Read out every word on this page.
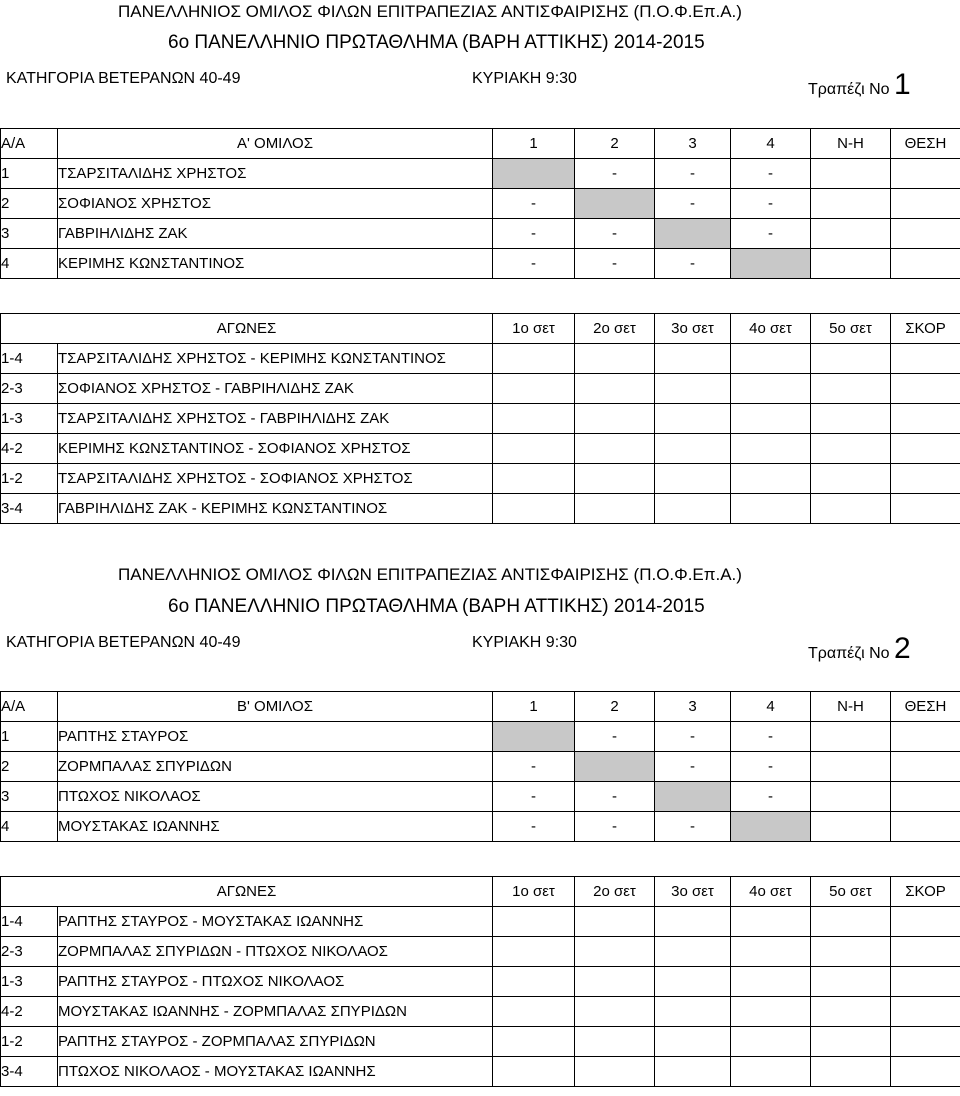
ΠΑΝΕΛΛΗΝΙΟΣ ΟΜΙΛΟΣ ΦΙΛΩΝ ΕΠΙΤΡΑΠΕΖΙΑΣ ΑΝΤΙΣΦΑΙΡΙΣΗΣ (Π.Ο.Φ.Επ.Α.)
6ο ΠΑΝΕΛΛΗΝΙΟ ΠΡΩΤΑΘΛΗΜΑ (ΒΑΡΗ ΑΤΤΙΚΗΣ) 2014-2015
ΚΑΤΗΓΟΡΙΑ ΒΕΤΕΡΑΝΩΝ 40-49	ΚΥΡΙΑΚΗ 9:30
Τραπέζι Νο 1
Α/Α	Α' ΟΜΙΛΟΣ	1	2	3	4	Ν-Η	ΘΕΣΗ
1	ΤΣΑΡΣΙΤΑΛΙΔΗΣ ΧΡΗΣΤΟΣ		-	-	-		
2	ΣΟΦΙΑΝΟΣ ΧΡΗΣΤΟΣ	-		-	-		
3	ΓΑΒΡΙΗΛΙΔΗΣ ΖΑΚ	-	-		-		
4	ΚΕΡΙΜΗΣ ΚΩΝΣΤΑΝΤΙΝΟΣ	-	-	-			
ΑΓΩΝΕΣ		1ο σετ	2ο σετ	3ο σετ	4ο σετ	5ο σετ	ΣΚΟΡ
1-4	ΤΣΑΡΣΙΤΑΛΙΔΗΣ ΧΡΗΣΤΟΣ - ΚΕΡΙΜΗΣ ΚΩΝΣΤΑΝΤΙΝΟΣ						
2-3	ΣΟΦΙΑΝΟΣ ΧΡΗΣΤΟΣ - ΓΑΒΡΙΗΛΙΔΗΣ ΖΑΚ						
1-3	ΤΣΑΡΣΙΤΑΛΙΔΗΣ ΧΡΗΣΤΟΣ - ΓΑΒΡΙΗΛΙΔΗΣ ΖΑΚ						
4-2	ΚΕΡΙΜΗΣ ΚΩΝΣΤΑΝΤΙΝΟΣ - ΣΟΦΙΑΝΟΣ ΧΡΗΣΤΟΣ						
1-2	ΤΣΑΡΣΙΤΑΛΙΔΗΣ ΧΡΗΣΤΟΣ - ΣΟΦΙΑΝΟΣ ΧΡΗΣΤΟΣ						
3-4	ΓΑΒΡΙΗΛΙΔΗΣ ΖΑΚ - ΚΕΡΙΜΗΣ ΚΩΝΣΤΑΝΤΙΝΟΣ						
ΠΑΝΕΛΛΗΝΙΟΣ ΟΜΙΛΟΣ ΦΙΛΩΝ ΕΠΙΤΡΑΠΕΖΙΑΣ ΑΝΤΙΣΦΑΙΡΙΣΗΣ (Π.Ο.Φ.Επ.Α.)
6ο ΠΑΝΕΛΛΗΝΙΟ ΠΡΩΤΑΘΛΗΜΑ (ΒΑΡΗ ΑΤΤΙΚΗΣ) 2014-2015
ΚΑΤΗΓΟΡΙΑ ΒΕΤΕΡΑΝΩΝ 40-49	ΚΥΡΙΑΚΗ 9:30
Τραπέζι Νο 2
Α/Α	Β' ΟΜΙΛΟΣ	1	2	3	4	Ν-Η	ΘΕΣΗ
1	ΡΑΠΤΗΣ ΣΤΑΥΡΟΣ		-	-	-		
2	ΖΟΡΜΠΑΛΑΣ ΣΠΥΡΙΔΩΝ	-		-	-		
3	ΠΤΩΧΟΣ ΝΙΚΟΛΑΟΣ	-	-		-		
4	ΜΟΥΣΤΑΚΑΣ ΙΩΑΝΝΗΣ	-	-	-			
ΑΓΩΝΕΣ		1ο σετ	2ο σετ	3ο σετ	4ο σετ	5ο σετ	ΣΚΟΡ
1-4	ΡΑΠΤΗΣ ΣΤΑΥΡΟΣ - ΜΟΥΣΤΑΚΑΣ ΙΩΑΝΝΗΣ						
2-3	ΖΟΡΜΠΑΛΑΣ ΣΠΥΡΙΔΩΝ - ΠΤΩΧΟΣ ΝΙΚΟΛΑΟΣ						
1-3	ΡΑΠΤΗΣ ΣΤΑΥΡΟΣ - ΠΤΩΧΟΣ ΝΙΚΟΛΑΟΣ						
4-2	ΜΟΥΣΤΑΚΑΣ ΙΩΑΝΝΗΣ - ΖΟΡΜΠΑΛΑΣ ΣΠΥΡΙΔΩΝ						
1-2	ΡΑΠΤΗΣ ΣΤΑΥΡΟΣ - ΖΟΡΜΠΑΛΑΣ ΣΠΥΡΙΔΩΝ						
3-4	ΠΤΩΧΟΣ ΝΙΚΟΛΑΟΣ - ΜΟΥΣΤΑΚΑΣ ΙΩΑΝΝΗΣ						
